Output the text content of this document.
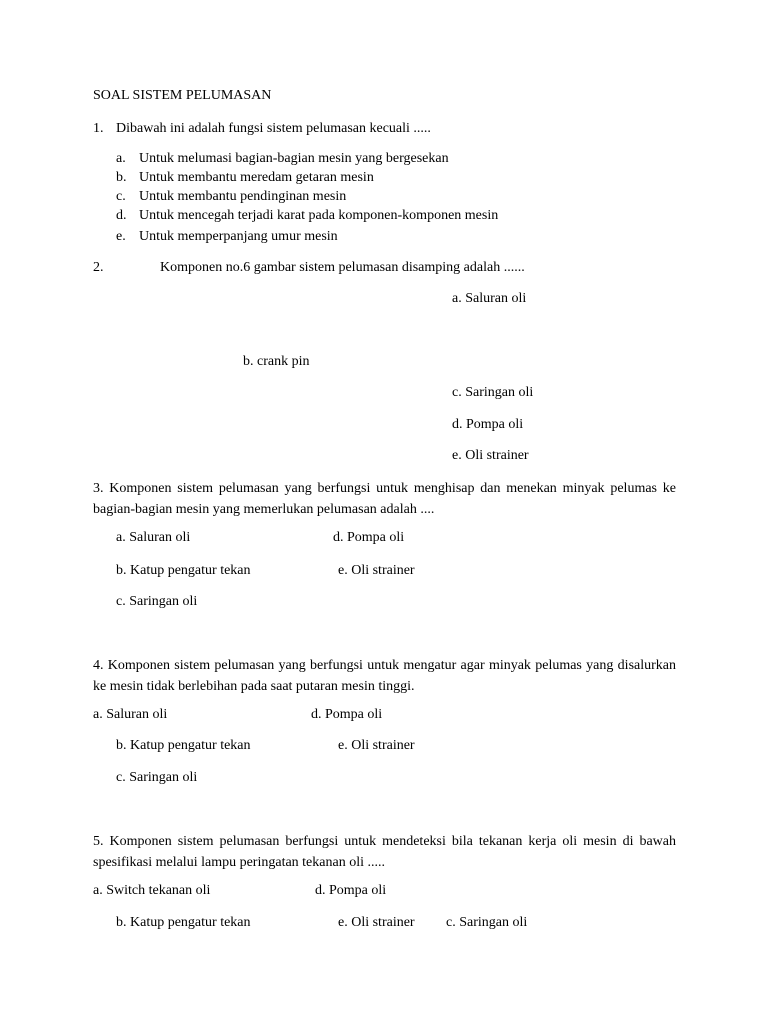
SOAL SISTEM PELUMASAN
1. Dibawah ini adalah fungsi sistem pelumasan kecuali .....
a. Untuk melumasi bagian-bagian mesin yang bergesekan
b. Untuk membantu meredam getaran mesin
c. Untuk membantu pendinginan mesin
d. Untuk mencegah terjadi karat pada komponen-komponen mesin
e. Untuk memperpanjang umur mesin
2.	Komponen no.6 gambar sistem pelumasan disamping adalah ......
a. Saluran oli
b. crank pin
c. Saringan oli
d. Pompa oli
e. Oli strainer
3. Komponen sistem pelumasan yang berfungsi untuk menghisap dan menekan minyak pelumas ke bagian-bagian mesin yang memerlukan pelumasan adalah ....
a. Saluran oli	d. Pompa oli
b. Katup pengatur tekan	e. Oli strainer
c. Saringan oli
4. Komponen sistem pelumasan yang berfungsi untuk mengatur agar minyak pelumas yang disalurkan ke mesin tidak berlebihan pada saat putaran mesin tinggi.
a. Saluran oli	d. Pompa oli
b. Katup pengatur tekan	e. Oli strainer
c. Saringan oli
5. Komponen sistem pelumasan berfungsi untuk mendeteksi bila tekanan kerja oli mesin di bawah spesifikasi melalui lampu peringatan tekanan oli .....
a. Switch tekanan oli	d. Pompa oli
b. Katup pengatur tekan	e. Oli strainer c. Saringan oli
